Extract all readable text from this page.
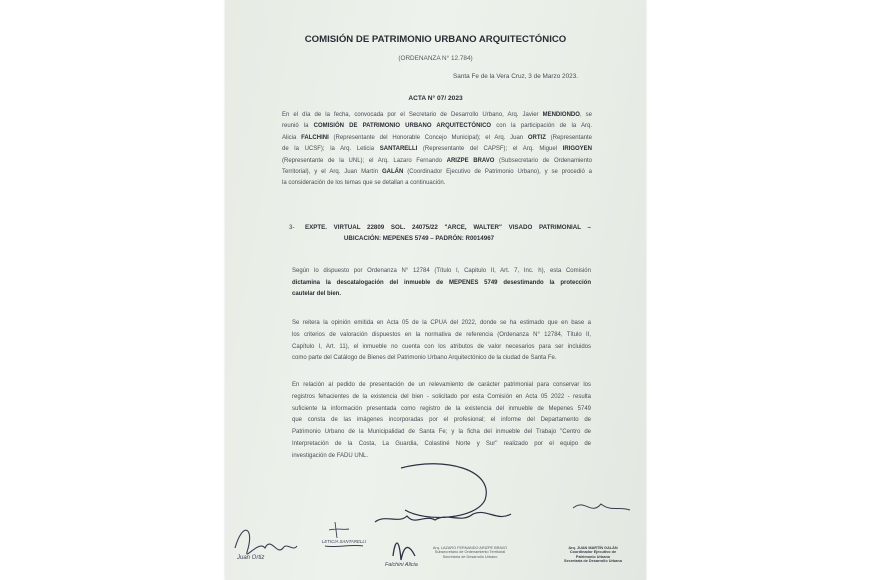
COMISIÓN DE PATRIMONIO URBANO ARQUITECTÓNICO
(ORDENANZA N° 12.784)
Santa Fe de la Vera Cruz, 3 de Marzo 2023.
ACTA N° 07/ 2023
En el día de la fecha, convocada por el Secretario de Desarrollo Urbano, Arq. Javier MENDIONDO, se
reunió la COMISIÓN DE PATRIMONIO URBANO ARQUITECTÓNICO con la participación de la Arq.
Alicia FALCHINI (Representante del Honorable Concejo Municipal); el Arq. Juan ORTIZ (Representante
de la UCSF); la Arq. Leticia SANTARELLI (Representante del CAPSF); el Arq. Miguel IRIGOYEN
(Representante de la UNL); el Arq. Lazaro Fernando ARIZPE BRAVO (Subsecretario de Ordenamiento
Territorial), y el Arq. Juan Martín GALÁN (Coordinador Ejecutivo de Patrimonio Urbano), y se procedió a
la consideración de los temas que se detallan a continuación.
3- EXPTE. VIRTUAL 22809 SOL. 24075/22 "ARCE, WALTER" VISADO PATRIMONIAL –
UBICACIÓN: MEPENES 5749 – PADRÓN: R0014967
Según lo dispuesto por Ordenanza N° 12784 (Título I, Capitulo II, Art. 7, Inc. h), esta Comisión
dictamina la descatalogación del inmueble de MEPENES 5749 desestimando la protección
cautelar del bien.
Se reitera la opinión emitida en Acta 05 de la CPUA del 2022, donde se ha estimado que en base a
los criterios de valoración dispuestos en la normativa de referencia (Ordenanza N° 12784, Título II,
Capítulo I, Art. 11), el inmueble no cuenta con los atributos de valor necesarios para ser incluidos
como parte del Catálogo de Bienes del Patrimonio Urbano Arquitectónico de la ciudad de Santa Fe.
En relación al pedido de presentación de un relevamiento de carácter patrimonial para conservar los
registros fehacientes de la existencia del bien - solicitado por esta Comisión en Acta 05 2022 - resulta
suficiente la información presentada como registro de la existencia del inmueble de Mepenes 5749
que consta de las imágenes incorporadas por el profesional; el informe del Departamento de
Patrimonio Urbano de la Municipalidad de Santa Fe; y la ficha del inmueble del Trabajo "Centro de
Interpretación de la Costa, La Guardia, Colastiné Norte y Sur" realizado por el equipo de
investigación de FADU UNL.
Juan Ortiz
LETICIA SANTARELLI
Falchini Alicia
Arq. LAZARO FERNANDO ARIZPE BRAVO
Subsecretario de Ordenamiento Territorial
Secretaría de Desarrollo Urbano
Arq. JUAN MARTÍN GALÁN
Coordinador Ejecutivo de
Patrimonio Urbano
Secretaría de Desarrollo Urbano
